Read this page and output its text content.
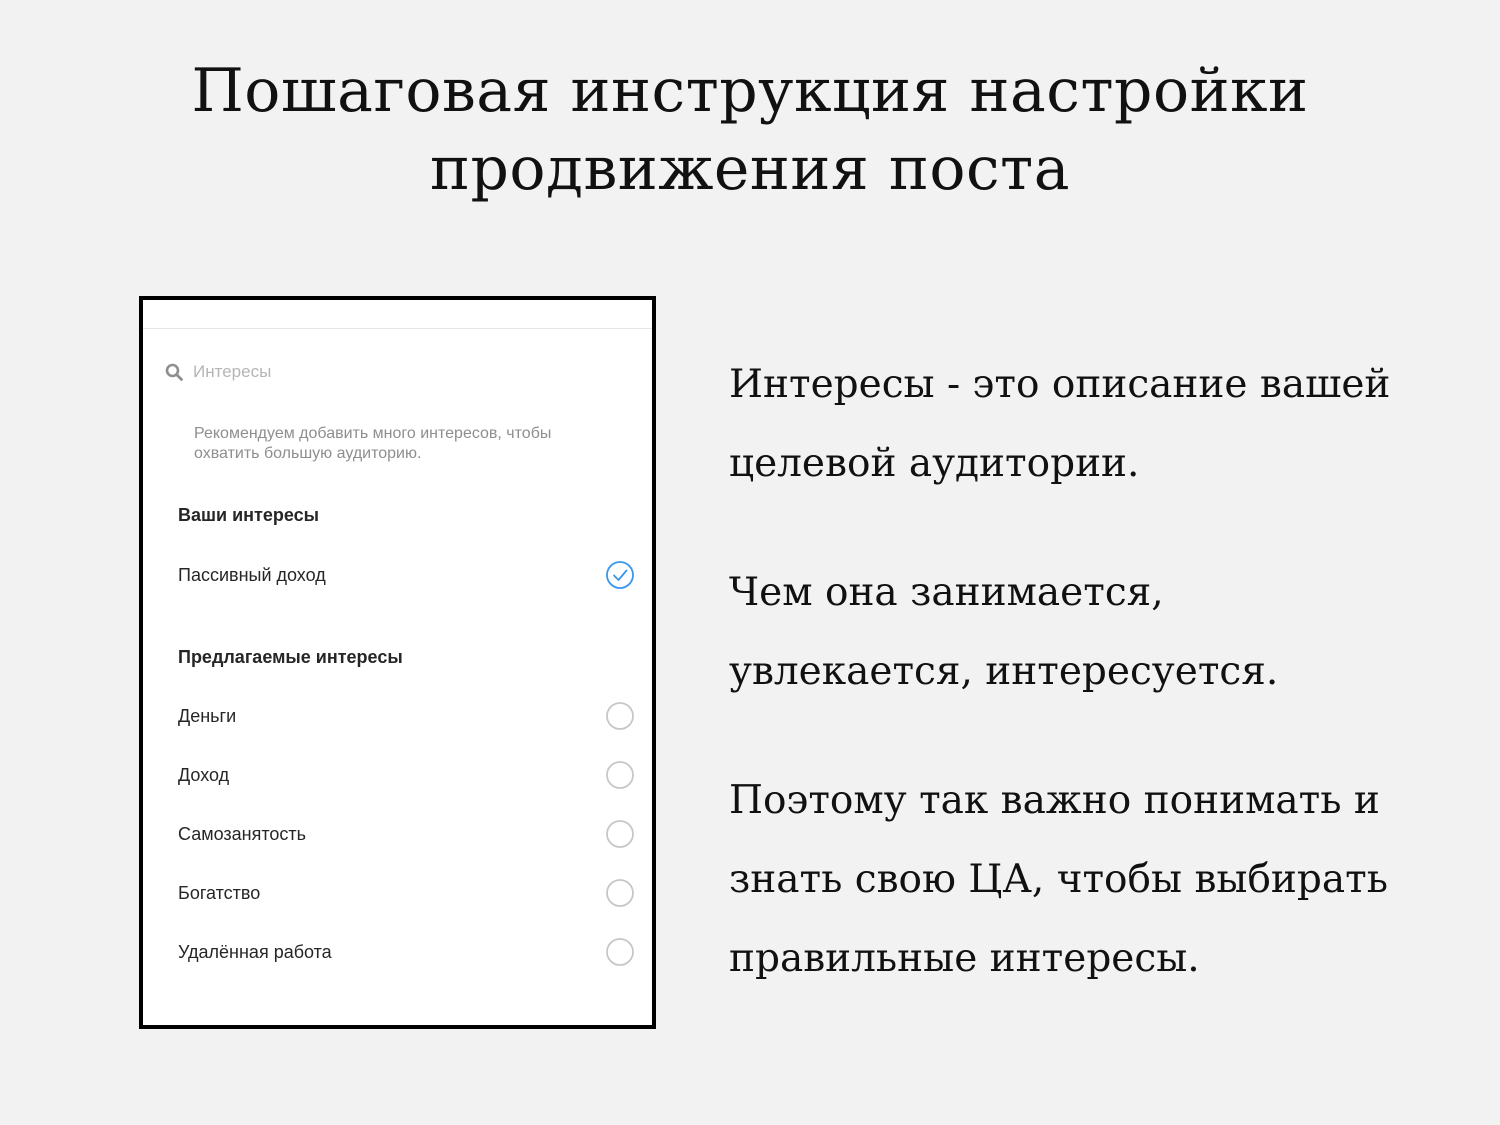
Пошаговая инструкция настройки
продвижения поста
Интересы

Рекомендуем добавить много интересов, чтобы охватить большую аудиторию.

Ваши интересы
Пассивный доход
Предлагаемые интересы
Деньги
Доход
Самозанятость
Богатство
Удалённая работа

Интересы - это описание вашей
целевой аудитории.

Чем она занимается,
увлекается, интересуется.

Поэтому так важно понимать и
знать свою ЦА, чтобы выбирать
правильные интересы.
